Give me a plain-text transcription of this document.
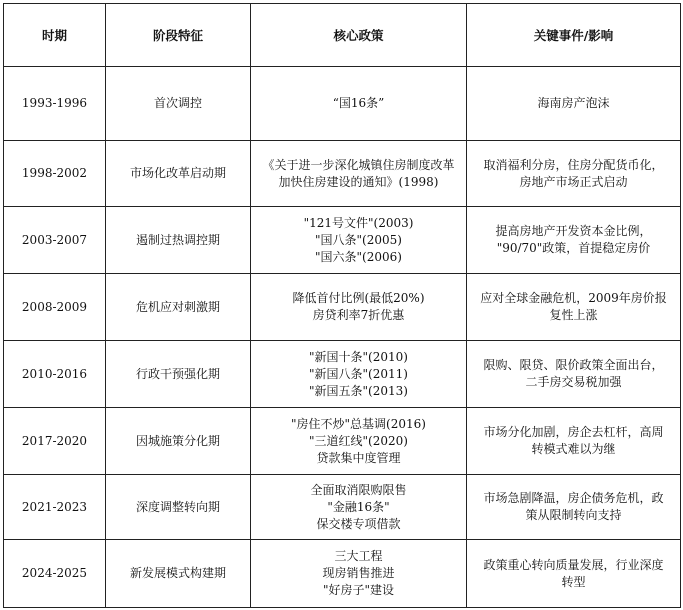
时期	阶段特征	核心政策	关键事件/影响
1993-1996	首次调控	“国16条”	海南房产泡沫

1998-2002	市场化改革启动期	《关于进一步深化城镇住房制度改革
加快住房建设的通知》(1998)	取消福利分房，住房分配货币化，
房地产市场正式启动

2003-2007	遏制过热调控期	"121号文件"(2003)
"国八条"(2005)
"国六条"(2006)	提高房地产开发资本金比例，
"90/70"政策，首提稳定房价

2008-2009	危机应对刺激期	降低首付比例(最低20%)
房贷利率7折优惠	应对全球金融危机，2009年房价报
复性上涨

2010-2016	行政干预强化期	"新国十条"(2010)
"新国八条"(2011)
"新国五条"(2013)	限购、限贷、限价政策全面出台，
二手房交易税加强

2017-2020	因城施策分化期	"房住不炒"总基调(2016)
"三道红线"(2020)
贷款集中度管理	市场分化加剧，房企去杠杆，高周
转模式难以为继

2021-2023	深度调整转向期	全面取消限购限售
"金融16条"
保交楼专项借款	市场急剧降温，房企债务危机，政
策从限制转向支持

2024-2025	新发展模式构建期	三大工程
现房销售推进
"好房子"建设	政策重心转向质量发展，行业深度
转型
